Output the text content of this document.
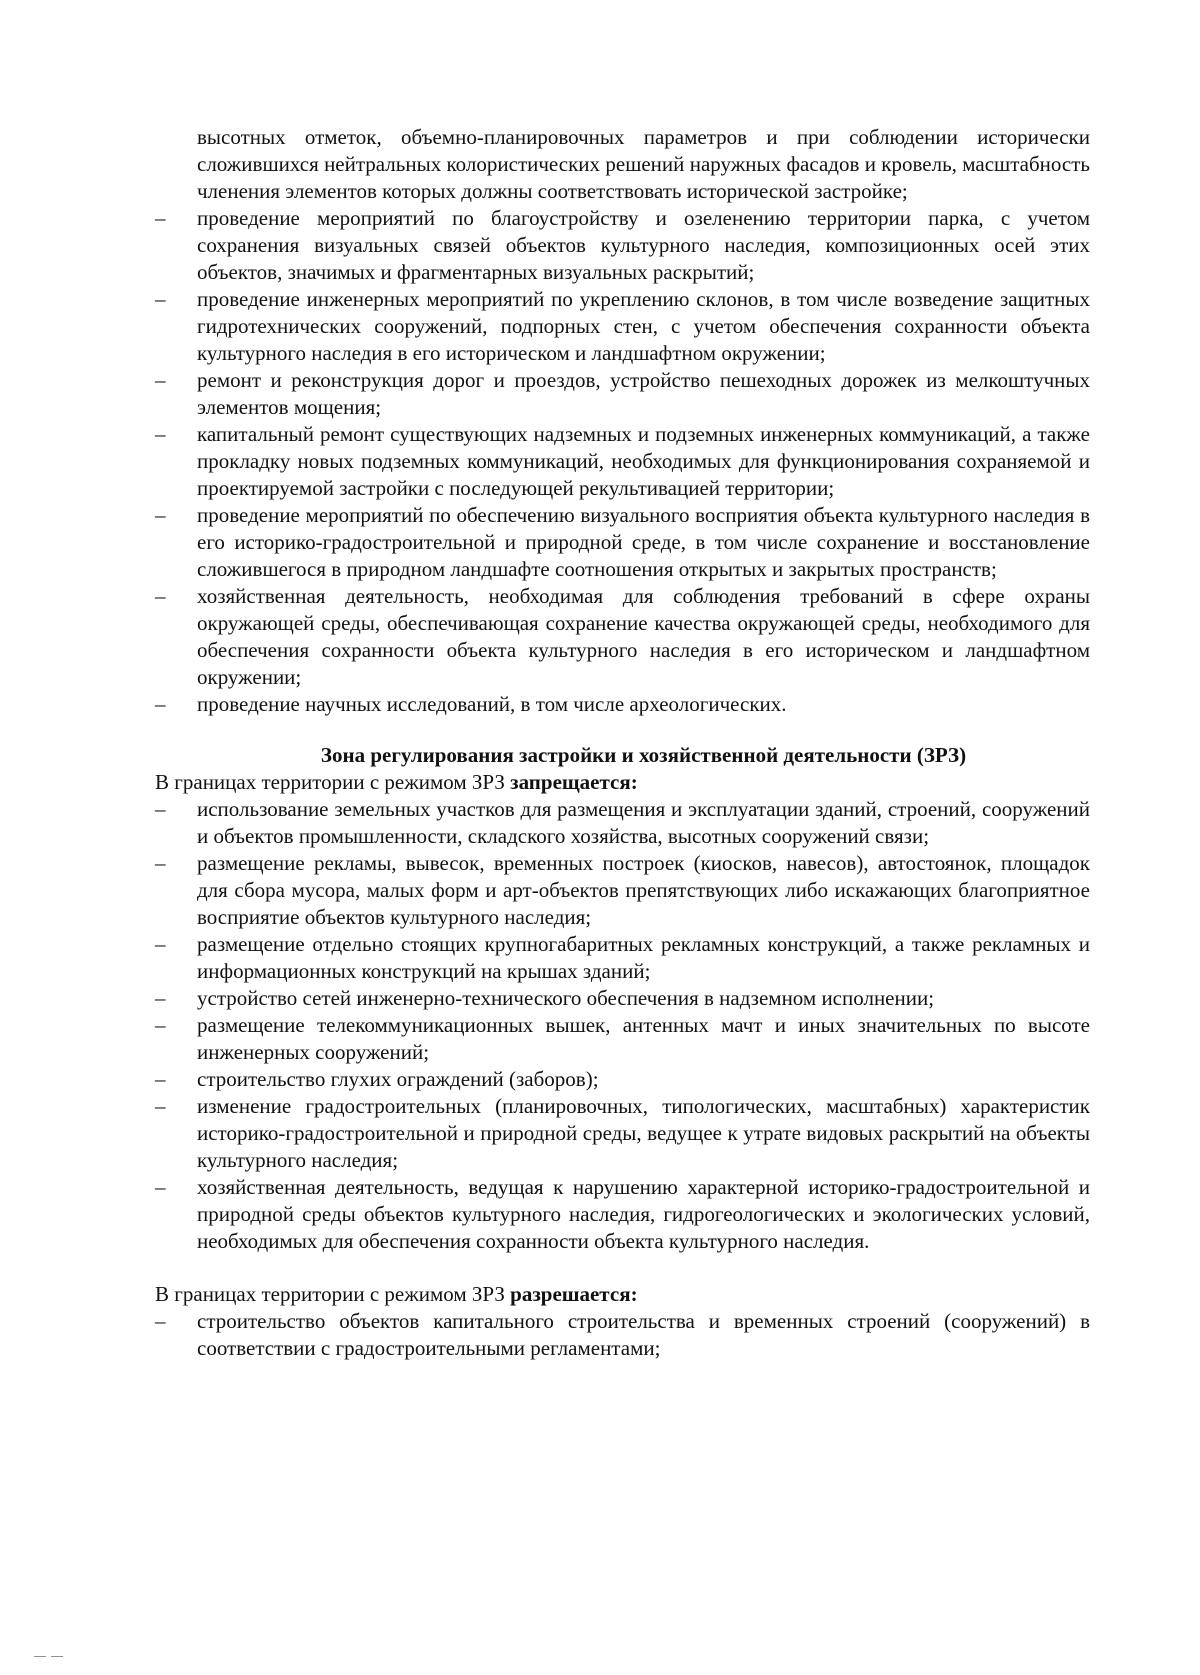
высотных отметок, объемно-планировочных параметров и при соблюдении исторически сложившихся нейтральных колористических решений наружных фасадов и кровель, масштабность членения элементов которых должны соответствовать исторической застройке;

– проведение мероприятий по благоустройству и озеленению территории парка, с учетом сохранения визуальных связей объектов культурного наследия, композиционных осей этих объектов, значимых и фрагментарных визуальных раскрытий;
– проведение инженерных мероприятий по укреплению склонов, в том числе возведение защитных гидротехнических сооружений, подпорных стен, с учетом обеспечения сохранности объекта культурного наследия в его историческом и ландшафтном окружении;
– ремонт и реконструкция дорог и проездов, устройство пешеходных дорожек из мелкоштучных элементов мощения;
– капитальный ремонт существующих надземных и подземных инженерных коммуникаций, а также прокладку новых подземных коммуникаций, необходимых для функционирования сохраняемой и проектируемой застройки с последующей рекультивацией территории;
– проведение мероприятий по обеспечению визуального восприятия объекта культурного наследия в его историко-градостроительной и природной среде, в том числе сохранение и восстановление сложившегося в природном ландшафте соотношения открытых и закрытых пространств;
– хозяйственная деятельность, необходимая для соблюдения требований в сфере охраны окружающей среды, обеспечивающая сохранение качества окружающей среды, необходимого для обеспечения сохранности объекта культурного наследия в его историческом и ландшафтном окружении;
– проведение научных исследований, в том числе археологических.

Зона регулирования застройки и хозяйственной деятельности (ЗРЗ)

В границах территории с режимом ЗРЗ запрещается:

– использование земельных участков для размещения и эксплуатации зданий, строений, сооружений и объектов промышленности, складского хозяйства, высотных сооружений связи;
– размещение рекламы, вывесок, временных построек (киосков, навесов), автостоянок, площадок для сбора мусора, малых форм и арт-объектов препятствующих либо искажающих благоприятное восприятие объектов культурного наследия;
– размещение отдельно стоящих крупногабаритных рекламных конструкций, а также рекламных и информационных конструкций на крышах зданий;
– устройство сетей инженерно-технического обеспечения в надземном исполнении;
– размещение телекоммуникационных вышек, антенных мачт и иных значительных по высоте инженерных сооружений;
– строительство глухих ограждений (заборов);
– изменение градостроительных (планировочных, типологических, масштабных) характеристик историко-градостроительной и природной среды, ведущее к утрате видовых раскрытий на объекты культурного наследия;
– хозяйственная деятельность, ведущая к нарушению характерной историко-градостроительной и природной среды объектов культурного наследия, гидрогеологических и экологических условий, необходимых для обеспечения сохранности объекта культурного наследия.

В границах территории с режимом ЗРЗ разрешается:

– строительство объектов капитального строительства и временных строений (сооружений) в соответствии с градостроительными регламентами;
— —
